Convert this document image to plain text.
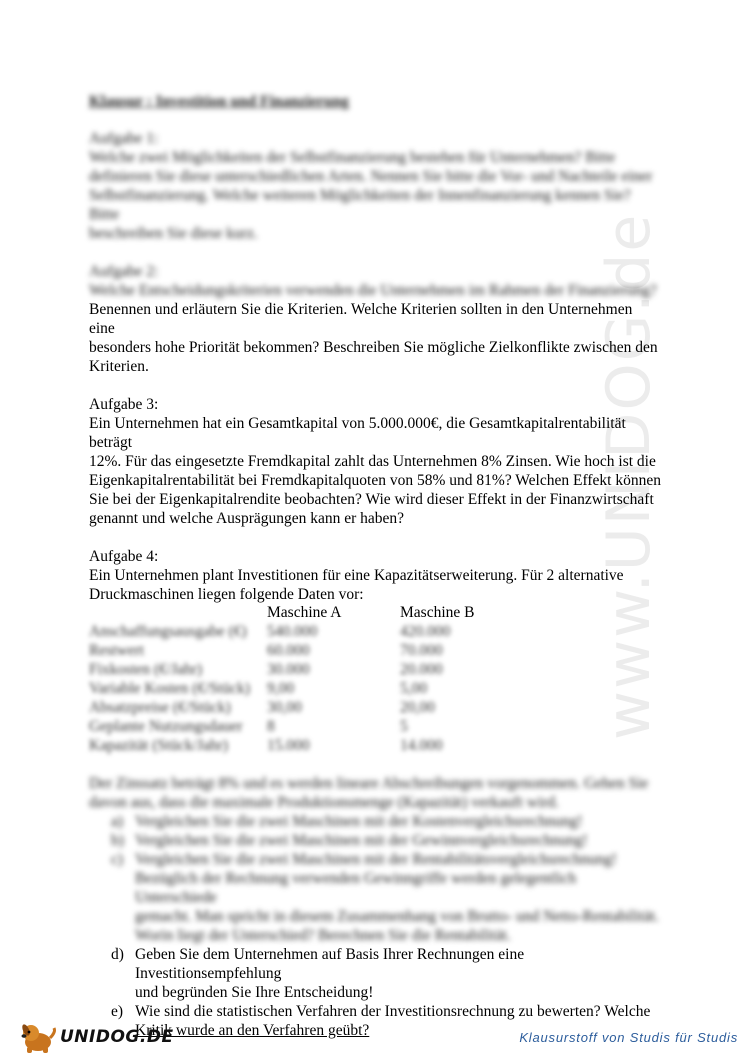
www.UNIDOG.de
Klausur : Investition und Finanzierung

Aufgabe 1:

Welche zwei Möglichkeiten der Selbstfinanzierung bestehen für Unternehmen? Bitte

definieren Sie diese unterschiedlichen Arten. Nennen Sie bitte die Vor- und Nachteile einer

Selbstfinanzierung. Welche weiteren Möglichkeiten der Innenfinanzierung kennen Sie? Bitte

beschreiben Sie diese kurz.

Aufgabe 2:

Welche Entscheidungskriterien verwenden die Unternehmen im Rahmen der Finanzierung?

Benennen und erläutern Sie die Kriterien. Welche Kriterien sollten in den Unternehmen eine

besonders hohe Priorität bekommen? Beschreiben Sie mögliche Zielkonflikte zwischen den

Kriterien.

Aufgabe 3:

Ein Unternehmen hat ein Gesamtkapital von 5.000.000€, die Gesamtkapitalrentabilität beträgt

12%. Für das eingesetzte Fremdkapital zahlt das Unternehmen 8% Zinsen. Wie hoch ist die

Eigenkapitalrentabilität bei Fremdkapitalquoten von 58% und 81%? Welchen Effekt können

Sie bei der Eigenkapitalrendite beobachten? Wie wird dieser Effekt in der Finanzwirtschaft

genannt und welche Ausprägungen kann er haben?

Aufgabe 4:

Ein Unternehmen plant Investitionen für eine Kapazitätserweiterung. Für 2 alternative

Druckmaschinen liegen folgende Daten vor:

	Maschine A	Maschine B
Anschaffungsausgabe (€)	540.000	420.000
Restwert	60.000	70.000
Fixkosten (€/Jahr)	30.000	20.000
Variable Kosten (€/Stück)	9,00	5,00
Absatzpreise (€/Stück)	30,00	20,00
Geplante Nutzungsdauer	8	5
Kapazität (Stück/Jahr)	15.000	14.000

Der Zinssatz beträgt 8% und es werden lineare Abschreibungen vorgenommen. Gehen Sie

davon aus, dass die maximale Produktionsmenge (Kapazität) verkauft wird.

a) Vergleichen Sie die zwei Maschinen mit der Kostenvergleichsrechnung!
b) Vergleichen Sie die zwei Maschinen mit der Gewinnvergleichsrechnung!
c) Vergleichen Sie die zwei Maschinen mit der Rentabilitätsvergleichsrechnung!
Bezüglich der Rechnung verwenden Gewinngriffe werden gelegentlich Unterschiede
gemacht. Man spricht in diesem Zusammenhang von Brutto- und Netto-Rentabilität.
Worin liegt der Unterschied? Berechnen Sie die Rentabilität.
d) Geben Sie dem Unternehmen auf Basis Ihrer Rechnungen eine Investitionsempfehlung
und begründen Sie Ihre Entscheidung!
e) Wie sind die statistischen Verfahren der Investitionsrechnung zu bewerten? Welche
Kritik wurde an den Verfahren geübt?
UNIDOG.DE	Klausurstoff von Studis für Studis
